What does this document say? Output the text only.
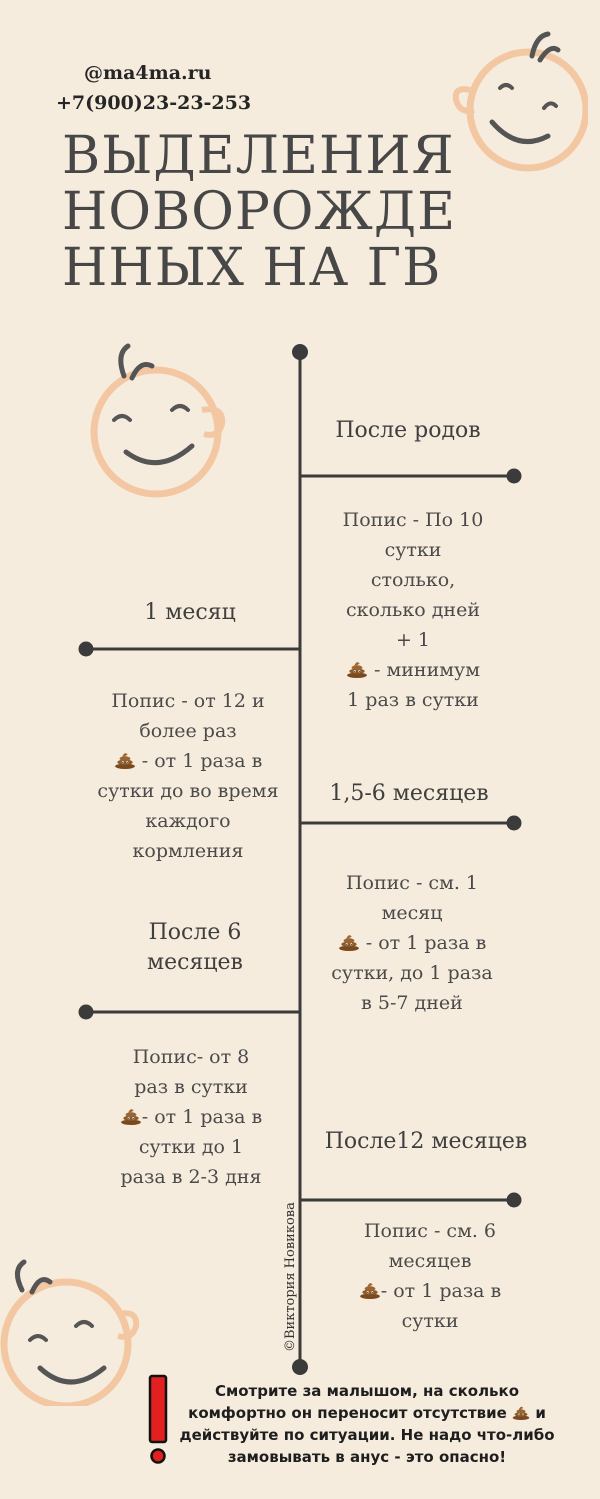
@ma4ma.ru
+7(900)23-23-253
ВЫДЕЛЕНИЯ
НОВОРОЖДЕ
ННЫХ НА ГВ
После родов
Попис - По 10
сутки
столько,
сколько дней
+ 1
- минимум
1 раз в сутки
1 месяц
Попис - от 12 и
более раз
- от 1 раза в
сутки до во время
каждого
кормления
1,5-6 месяцев
Попис - см. 1
месяц
- от 1 раза в
сутки, до 1 раза
в 5-7 дней
После 6
месяцев
Попис- от 8
раз в сутки
- от 1 раза в
сутки до 1
раза в 2-3 дня
После12 месяцев
Попис - см. 6
месяцев
- от 1 раза в
сутки
©Виктория Новикова
Смотрите за малышом, на сколько
комфортно он переносит отсутствие и
действуйте по ситуации. Не надо что-либо
замовывать в анус - это опасно!
